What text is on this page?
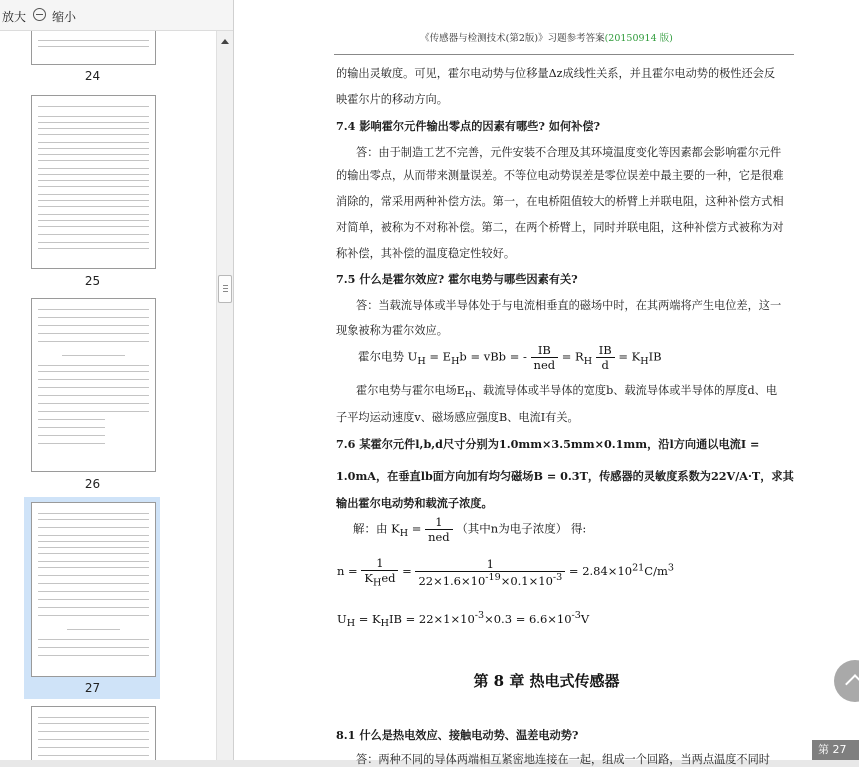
放大 缩小
24
25
26
27
《传感器与检测技术(第2版)》习题参考答案(20150914 版)
的输出灵敏度。可见，霍尔电动势与位移量Δz成线性关系，并且霍尔电动势的极性还会反
映霍尔片的移动方向。
7.4 影响霍尔元件输出零点的因素有哪些? 如何补偿?
答：由于制造工艺不完善，元件安装不合理及其环境温度变化等因素都会影响霍尔元件
的输出零点，从而带来测量误差。不等位电动势误差是零位误差中最主要的一种，它是很难
消除的，常采用两种补偿方法。第一，在电桥阻值较大的桥臂上并联电阻，这种补偿方式相
对简单，被称为不对称补偿。第二，在两个桥臂上，同时并联电阻，这种补偿方式被称为对
称补偿，其补偿的温度稳定性较好。
7.5 什么是霍尔效应? 霍尔电势与哪些因素有关?
答：当载流导体或半导体处于与电流相垂直的磁场中时，在其两端将产生电位差，这一
现象被称为霍尔效应。
霍尔电势 $U_H = E_Hb$ = vBb = - $\frac{IB}{\text{ned}} = R_H \frac{IB}{d} = K_HIB$
霍尔电势与霍尔电场$E_H$、载流导体或半导体的宽度b、载流导体或半导体的厚度d、电
子平均运动速度v、磁场感应强度B、电流I有关。
7.6 某霍尔元件l,b,d尺寸分别为1.0mm×3.5mm×0.1mm，沿l方向通以电流I =
1.0mA，在垂直lb面方向加有均匀磁场B = 0.3T，传感器的灵敏度系数为22V/A·T，求其
输出霍尔电动势和载流子浓度。
解：由 $K_H = \frac{1}{\text{ned}}$ （其中n为电子浓度） 得:
$n = \frac{1}{K_Hed} = \frac{1}{22\times 1.6\times 10^{-19}\times 0.1\times 10^{-3}} = 2.84\times 10^{21}C/m^3$
$U_H = K_HIB = 22\times 1\times 10^{-3}\times 0.3 = 6.6\times 10^{-3}V$
第 8 章 热电式传感器
8.1 什么是热电效应、接触电动势、温差电动势?
答：两种不同的导体两端相互紧密地连接在一起，组成一个回路，当两点温度不同时
第 27
